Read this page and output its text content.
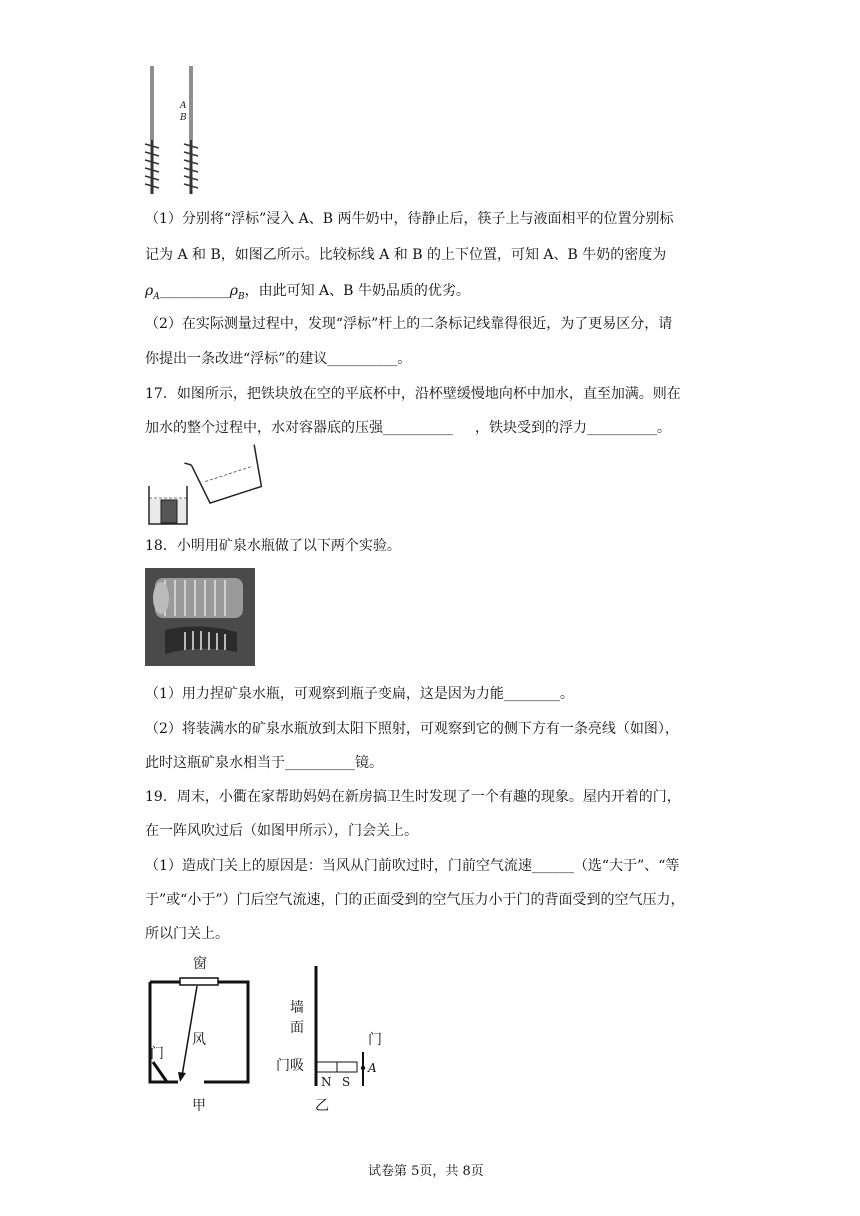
A
B
（1）分别将“浮标”浸入 A、B 两牛奶中，待静止后，筷子上与液面相平的位置分别标
记为 A 和 B，如图乙所示。比较标线 A 和 B 的上下位置，可知 A、B 牛奶的密度为
$\rho_A\_\_\_\_\_\_\_\_\_\_\rho_B$，由此可知 A、B 牛奶品质的优劣。
（2）在实际测量过程中，发现“浮标”杆上的二条标记线靠得很近，为了更易区分，请
你提出一条改进“浮标”的建议__________。
17．如图所示，把铁块放在空的平底杯中，沿杯壁缓慢地向杯中加水，直至加满。则在
加水的整个过程中，水对容器底的压强__________ ，铁块受到的浮力__________。
18．小明用矿泉水瓶做了以下两个实验。
（1）用力捏矿泉水瓶，可观察到瓶子变扁，这是因为力能________。
（2）将装满水的矿泉水瓶放到太阳下照射，可观察到它的侧下方有一条亮线（如图），
此时这瓶矿泉水相当于__________镜。
19．周末，小衢在家帮助妈妈在新房搞卫生时发现了一个有趣的现象。屋内开着的门，
在一阵风吹过后（如图甲所示），门会关上。
（1）造成门关上的原因是：当风从门前吹过时，门前空气流速______（选“大于”、“等
于”或“小于”）门后空气流速，门的正面受到的空气压力小于门的背面受到的空气压力，
所以门关上。
窗
风
门
甲
墙
面
门吸
N S
门
A
乙
试卷第 5页，共 8页
